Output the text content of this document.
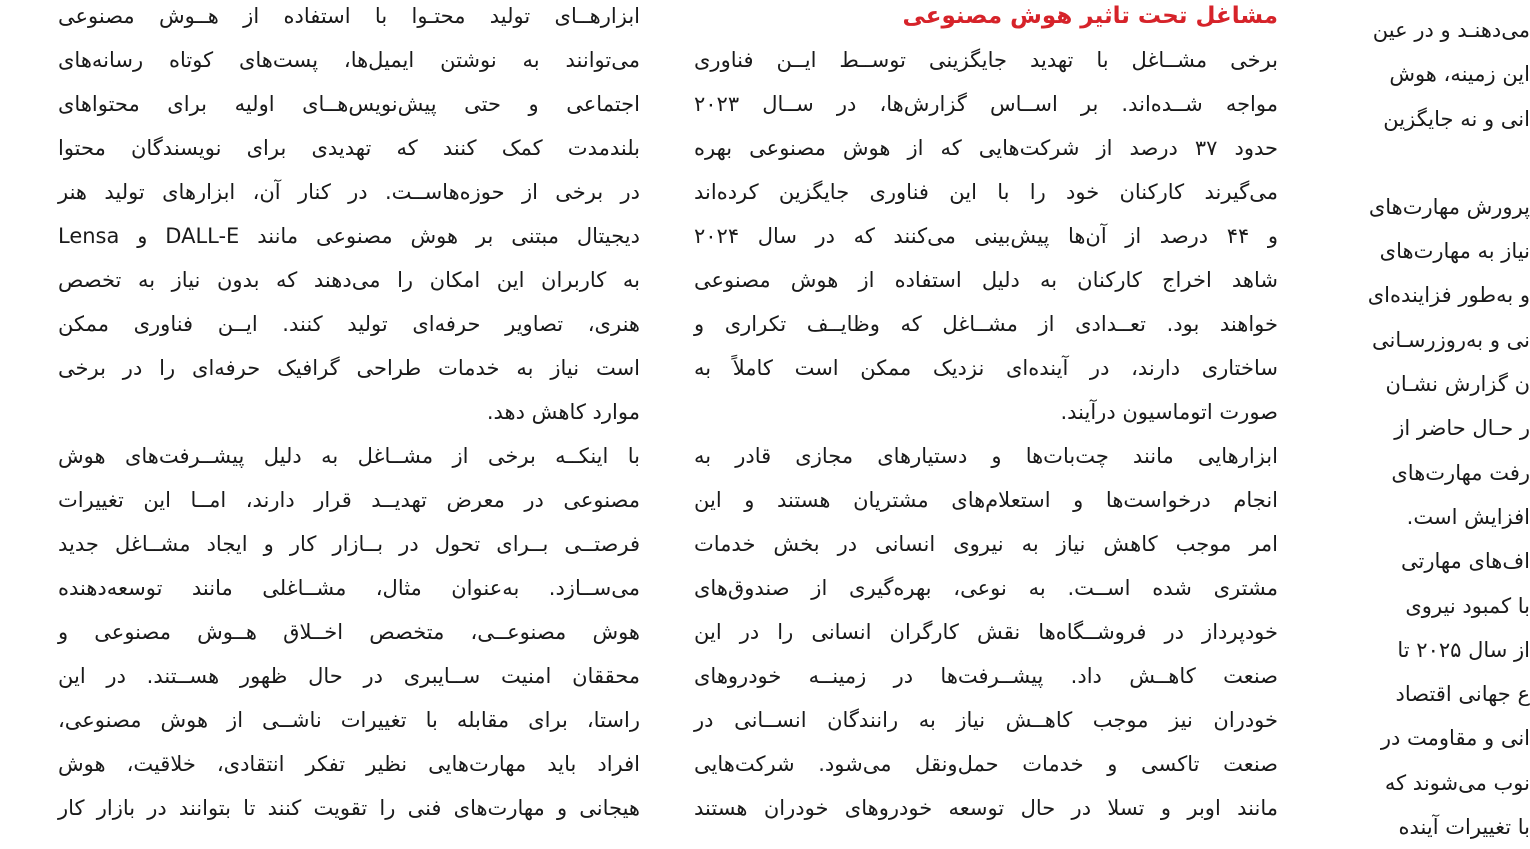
ابزارهــای تولید محتـوا با استفاده از هــوش مصنوعی
می‌توانند به نوشتن ایمیل‌ها، پست‌های کوتاه رسانه‌های
اجتماعی و حتی پیش‌نویس‌هــای اولیه برای محتواهای
بلندمدت کمک کنند که تهدیدی برای نویسندگان محتوا
در برخی از حوزه‌هاســت. در کنار آن، ابزارهای تولید هنر
دیجیتال مبتنی بر هوش مصنوعی مانند DALL-E و Lensa
به کاربران این امکان را می‌دهند که بدون نیاز به تخصص
هنری، تصاویر حرفه‌ای تولید کنند. ایــن فناوری ممکن
است نیاز به خدمات طراحی گرافیک حرفه‌ای را در برخی
موارد کاهش دهد.
با اینکــه برخی از مشــاغل به دلیل پیشــرفت‌های هوش
مصنوعی در معرض تهدیــد قرار دارند، امــا این تغییرات
فرصتــی بــرای تحول در بــازار کار و ایجاد مشــاغل جدید
می‌ســازد. به‌عنوان مثال، مشــاغلی مانند توسعه‌دهنده
هوش مصنوعــی، متخصص اخــلاق هــوش مصنوعی و
محققان امنیت ســایبری در حال ظهور هســتند. در این
راستا، برای مقابله با تغییرات ناشــی از هوش مصنوعی،
افراد باید مهارت‌هایی نظیر تفکر انتقادی، خلاقیت، هوش
هیجانی و مهارت‌های فنی را تقویت کنند تا بتوانند در بازار کار
مشاغل تحت تاثیر هوش مصنوعی
برخی مشــاغل با تهدید جایگزینی توســط ایــن فناوری
مواجه شــده‌اند. بر اســاس گزارش‌ها، در ســال ۲۰۲۳
حدود ۳۷ درصد از شرکت‌هایی که از هوش مصنوعی بهره
می‌گیرند کارکنان خود را با این فناوری جایگزین کرده‌اند
و ۴۴ درصد از آن‌ها پیش‌بینی می‌کنند که در سال ۲۰۲۴
شاهد اخراج کارکنان به دلیل استفاده از هوش مصنوعی
خواهند بود. تعــدادی از مشــاغل که وظایــف تکراری و
ساختاری دارند، در آینده‌ای نزدیک ممکن است کاملاً به
صورت اتوماسیون درآیند.
ابزارهایی مانند چت‌بات‌ها و دستیارهای مجازی قادر به
انجام درخواست‌ها و استعلام‌های مشتریان هستند و این
امر موجب کاهش نیاز به نیروی انسانی در بخش خدمات
مشتری شده اســت. به نوعی، بهره‌گیری از صندوق‌های
خودپرداز در فروشــگاه‌ها نقش کارگران انسانی را در این
صنعت کاهــش داد. پیشــرفت‌ها در زمینــه خودروهای
خودران نیز موجب کاهــش نیاز به رانندگان انســانی در
صنعت تاکسی و خدمات حمل‌ونقل می‌شود. شرکت‌هایی
مانند اوبر و تسلا در حال توسعه خودروهای خودران هستند
می‌دهنـد و در عین
این زمینه، هوش
انی و نه جایگزین
پرورش مهارت‌های
نیاز به مهارت‌های
و به‌طور فزاینده‌ای
نی و به‌روزرسـانی
ن گزارش نشـان
ر حـال حاضر از
رفت مهارت‌های
افزایش است.
اف‌های مهارتی
با کمبود نیروی
از سال ۲۰۲۵ تا
ع جهانی اقتصاد
انی و مقاومت در
نوب می‌شوند که
با تغییرات آینده
